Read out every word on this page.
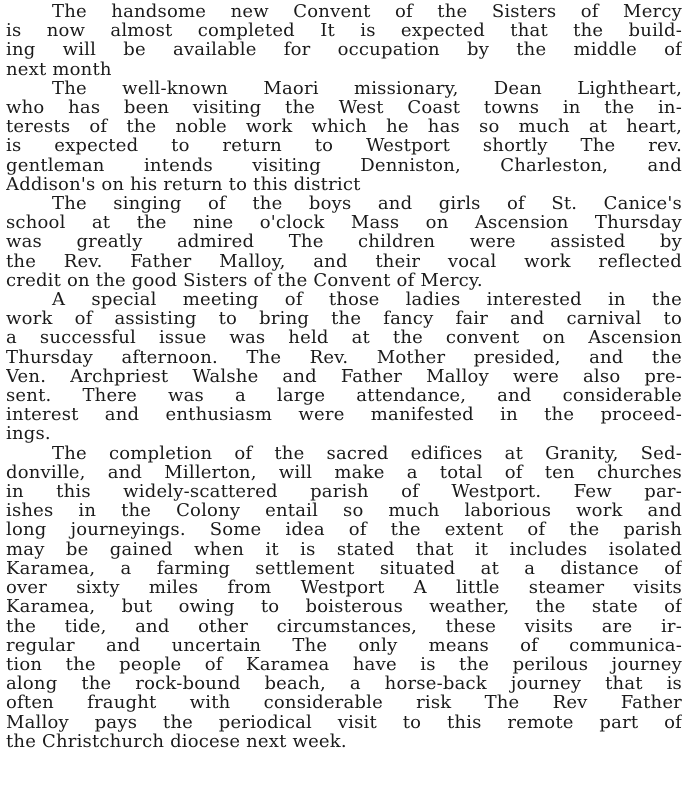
The handsome new Convent of the Sisters of Mercy
is now almost completed It is expected that the build-
ing will be available for occupation by the middle of
next month

The well-known Maori missionary, Dean Lightheart,
who has been visiting the West Coast towns in the in-
terests of the noble work which he has so much at heart,
is expected to return to Westport shortly The rev.
gentleman intends visiting Denniston, Charleston, and
Addison's on his return to this district

The singing of the boys and girls of St. Canice's
school at the nine o'clock Mass on Ascension Thursday
was greatly admired The children were assisted by
the Rev. Father Malloy, and their vocal work reflected
credit on the good Sisters of the Convent of Mercy.

A special meeting of those ladies interested in the
work of assisting to bring the fancy fair and carnival to
a successful issue was held at the convent on Ascension
Thursday afternoon. The Rev. Mother presided, and the
Ven. Archpriest Walshe and Father Malloy were also pre-
sent. There was a large attendance, and considerable
interest and enthusiasm were manifested in the proceed-
ings.

The completion of the sacred edifices at Granity, Sed-
donville, and Millerton, will make a total of ten churches
in this widely-scattered parish of Westport. Few par-
ishes in the Colony entail so much laborious work and
long journeyings. Some idea of the extent of the parish
may be gained when it is stated that it includes isolated
Karamea, a farming settlement situated at a distance of
over sixty miles from Westport A little steamer visits
Karamea, but owing to boisterous weather, the state of
the tide, and other circumstances, these visits are ir-
regular and uncertain The only means of communica-
tion the people of Karamea have is the perilous journey
along the rock-bound beach, a horse-back journey that is
often fraught with considerable risk The Rev Father
Malloy pays the periodical visit to this remote part of
the Christchurch diocese next week.
